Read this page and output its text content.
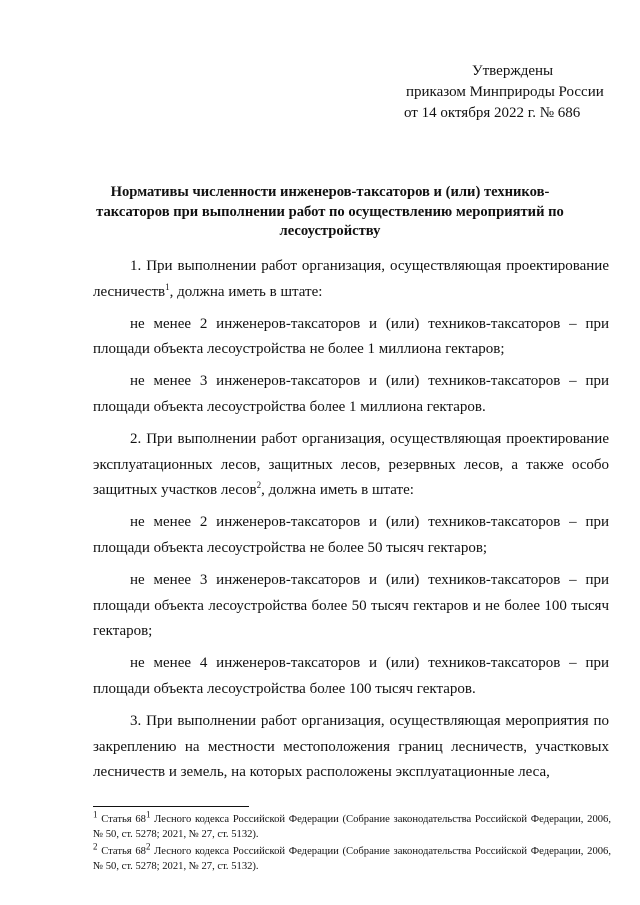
Утверждены
приказом Минприроды России
от 14 октября 2022 г. № 686
Нормативы численности инженеров-таксаторов и (или) техников-таксаторов при выполнении работ по осуществлению мероприятий по лесоустройству

1. При выполнении работ организация, осуществляющая проектирование лесничеств$^1$, должна иметь в штате:

не менее 2 инженеров-таксаторов и (или) техников-таксаторов – при площади объекта лесоустройства не более 1 миллиона гектаров;

не менее 3 инженеров-таксаторов и (или) техников-таксаторов – при площади объекта лесоустройства более 1 миллиона гектаров.

2. При выполнении работ организация, осуществляющая проектирование эксплуатационных лесов, защитных лесов, резервных лесов, а также особо защитных участков лесов$^2$, должна иметь в штате:

не менее 2 инженеров-таксаторов и (или) техников-таксаторов – при площади объекта лесоустройства не более 50 тысяч гектаров;

не менее 3 инженеров-таксаторов и (или) техников-таксаторов – при площади объекта лесоустройства более 50 тысяч гектаров и не более 100 тысяч гектаров;

не менее 4 инженеров-таксаторов и (или) техников-таксаторов – при площади объекта лесоустройства более 100 тысяч гектаров.

3. При выполнении работ организация, осуществляющая мероприятия по закреплению на местности местоположения границ лесничеств, участковых лесничеств и земель, на которых расположены эксплуатационные леса,

$^1$ Статья $68^1$ Лесного кодекса Российской Федерации (Собрание законодательства Российской Федерации, 2006, № 50, ст. 5278; 2021, № 27, ст. 5132).

$^2$ Статья $68^2$ Лесного кодекса Российской Федерации (Собрание законодательства Российской Федерации, 2006, № 50, ст. 5278; 2021, № 27, ст. 5132).
